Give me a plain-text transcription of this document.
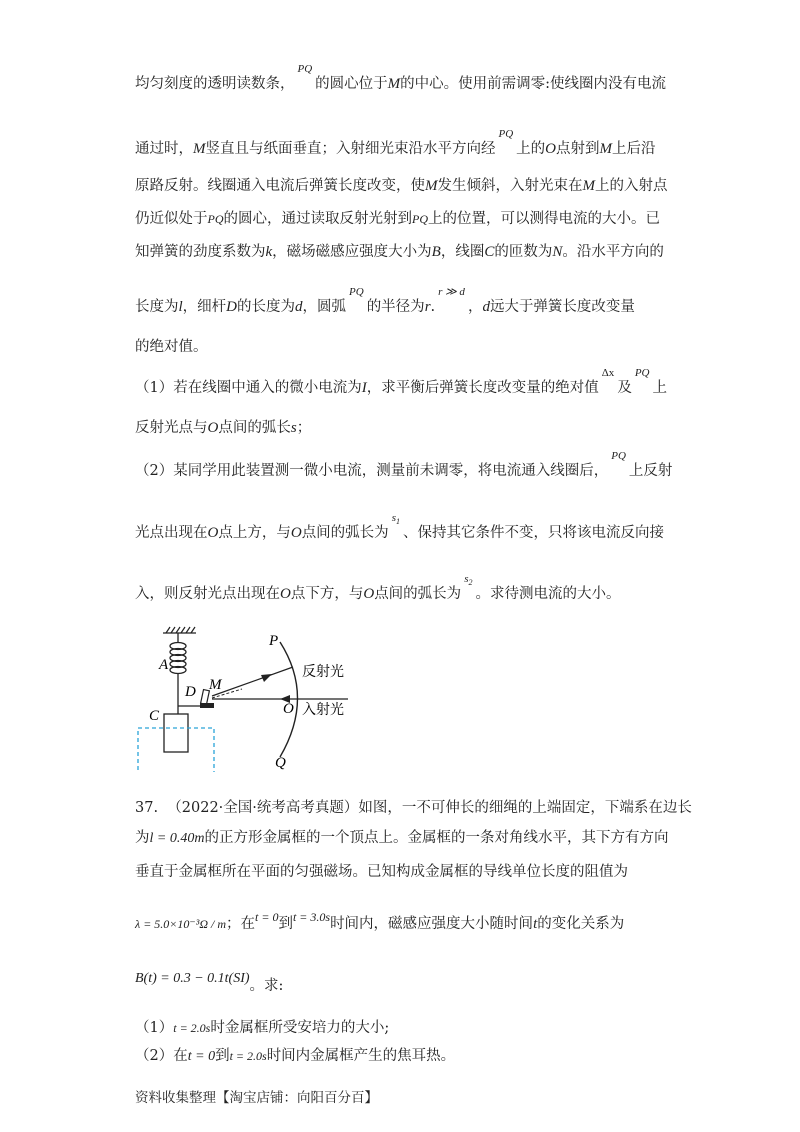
均匀刻度的透明读数条，$^{PQ}$的圆心位于M的中心。使用前需调零:使线圈内没有电流
通过时，M竖直且与纸面垂直；入射细光束沿水平方向经$^{PQ}$上的O点射到M上后沿
原路反射。线圈通入电流后弹簧长度改变，使M发生倾斜，入射光束在M上的入射点
仍近似处于PQ的圆心，通过读取反射光射到PQ上的位置，可以测得电流的大小。已
知弹簧的劲度系数为k，磁场磁感应强度大小为B，线圈C的匝数为N。沿水平方向的
长度为l，细杆D的长度为d，圆弧$^{PQ}$的半径为r.$^{r ≫ d}$，d远大于弹簧长度改变量
的绝对值。
（1）若在线圈中通入的微小电流为I，求平衡后弹簧长度改变量的绝对值$^{\Delta x}$及$^{PQ}$上
反射光点与O点间的弧长s；
（2）某同学用此装置测一微小电流，测量前未调零，将电流通入线圈后，$^{PQ}$上反射
光点出现在O点上方，与O点间的弧长为$^{s_1}$、保持其它条件不变，只将该电流反向接
入，则反射光点出现在O点下方，与O点间的弧长为$^{s_2}$。求待测电流的大小。
A
D M
C
P
Q
O
反射光
入射光
37. （2022·全国·统考高考真题）如图，一不可伸长的细绳的上端固定，下端系在边长
为l = 0.40m的正方形金属框的一个顶点上。金属框的一条对角线水平，其下方有方向
垂直于金属框所在平面的匀强磁场。已知构成金属框的导线单位长度的阻值为
λ = 5.0×10⁻³Ω / m；在$^{t = 0}$到$^{t = 3.0s}$时间内，磁感应强度大小随时间t的变化关系为
B(t) = 0.3 − 0.1t(SI)。求:
（1）t = 2.0s时金属框所受安培力的大小;
（2）在t = 0到t = 2.0s时间内金属框产生的焦耳热。
资料收集整理【淘宝店铺：向阳百分百】
